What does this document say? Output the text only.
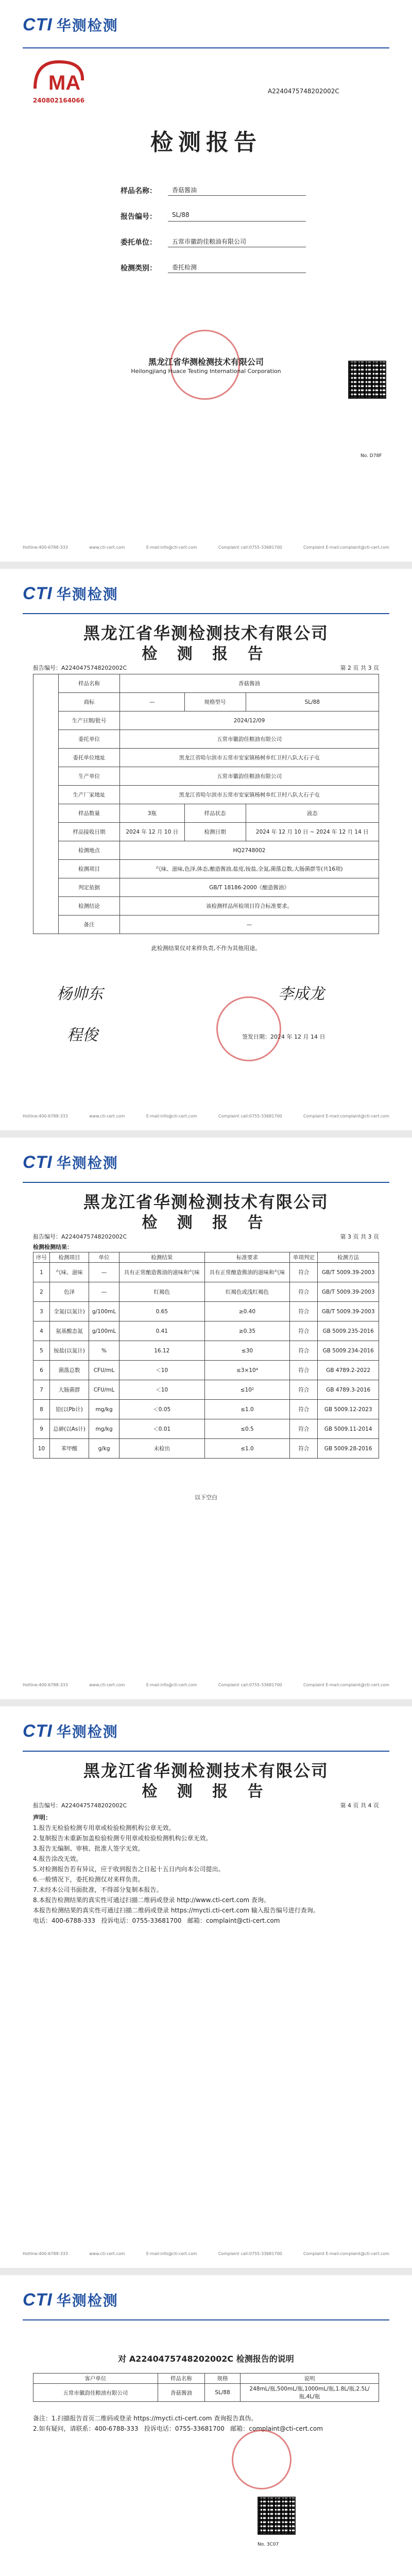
CTI 华测检测
MA
240802164066
A2240475748202002C
检测报告
样品名称：	香菇酱油
报告编号：	SL/88
委托单位：	五常市徽韵佳粮油有限公司
检测类别：	委托检测
黑龙江省华测检测技术有限公司
Heilongjiang Huace Testing International Corporation
No. D78F
Hotline:400-6788-333	www.cti-cert.com	E-mail:info@cti-cert.com	Complaint call:0755-33681700	Complaint E-mail:complaint@cti-cert.com
CTI 华测检测
黑龙江省华测检测技术有限公司
检 测 报 告
报告编号：A2240475748202002C	第 2 页 共 3 页
	样品名称	香菇酱油		
	商标	—	规格型号	SL/88
	生产日期/批号	2024/12/09		
	委托单位	五常市徽韵佳粮油有限公司		
	委托单位地址	黑龙江省哈尔滨市五常市安家镇杨树乡红卫村八队大石子屯		
	生产单位	五常市徽韵佳粮油有限公司		
	生产厂家地址	黑龙江省哈尔滨市五常市安家镇杨树乡红卫村八队大石子屯		
	样品数量	3瓶	样品状态	液态
	样品接收日期	2024 年 12 月 10 日	检测日期	2024 年 12 月 10 日 ~ 2024 年 12 月 14 日
	检测地点	HQ2748002		
	检测项目	气味、滋味,色泽,体态,酿造酱油,盐度,铵盐,全氮,菌落总数,大肠菌群等(共16项)		
	判定依据	GB/T 18186-2000《酿造酱油》		
	检测结论	该检测样品所检项目符合标准要求。		
	备注	—		
此检测结果仅对来样负责,不作为其他用途。
杨帅东	李成龙
程俊	签发日期：2024 年 12 月 14 日
Hotline:400-6788-333	www.cti-cert.com	E-mail:info@cti-cert.com	Complaint call:0755-33681700	Complaint E-mail:complaint@cti-cert.com
CTI 华测检测
黑龙江省华测检测技术有限公司
检 测 报 告
报告编号：A2240475748202002C	第 3 页 共 3 页
检测检测结果：
序号	检测项目	单位	检测结果	标准要求	单项判定	检测方法
1	气味、滋味	—	具有正常酿造酱油的滋味和气味	具有正常酿造酱油的滋味和气味	符合	GB/T 5009.39-2003
2	色泽	—	红褐色	红褐色或浅红褐色	符合	GB/T 5009.39-2003
3	全氮(以氮计)	g/100mL	0.65	≥0.40	符合	GB/T 5009.39-2003
4	氨基酸态氮	g/100mL	0.41	≥0.35	符合	GB 5009.235-2016
5	铵盐(以氮计)	%	16.12	≤30	符合	GB 5009.234-2016
6	菌落总数	CFU/mL	＜10	≤3×10⁴	符合	GB 4789.2-2022
7	大肠菌群	CFU/mL	＜10	≤10²	符合	GB 4789.3-2016
8	铅(以Pb计)	mg/kg	＜0.05	≤1.0	符合	GB 5009.12-2023
9	总砷(以As计)	mg/kg	＜0.01	≤0.5	符合	GB 5009.11-2014
10	苯甲酸	g/kg	未检出	≤1.0	符合	GB 5009.28-2016
以下空白
Hotline:400-6788-333	www.cti-cert.com	E-mail:info@cti-cert.com	Complaint call:0755-33681700	Complaint E-mail:complaint@cti-cert.com
CTI 华测检测
黑龙江省华测检测技术有限公司
检 测 报 告
报告编号：A2240475748202002C	第 4 页 共 4 页
声明：
1.报告无检验检测专用章或检验检测机构公章无效。
2.复制报告未重新加盖检验检测专用章或检验检测机构公章无效。
3.报告无编制、审核、批准人签字无效。
4.报告涂改无效。
5.对检测报告若有异议，应于收到报告之日起十五日内向本公司提出。
6.一般情况下，委托检测仅对来样负责。
7.未经本公司书面批准，不得部分复制本报告。
8.本报告检测结果的真实性可通过扫描二维码或登录 http://www.cti-cert.com 查询。
本报告检测结果的真实性可通过扫描二维码或登录 https://mycti.cti-cert.com 输入报告编号进行查询。
电话：400-6788-333   投诉电话：0755-33681700   邮箱：complaint@cti-cert.com
Hotline:400-6788-333	www.cti-cert.com	E-mail:info@cti-cert.com	Complaint call:0755-33681700	Complaint E-mail:complaint@cti-cert.com
CTI 华测检测
对 A2240475748202002C 检测报告的说明
客户单位	样品名称	规格	说明
五常市徽韵佳粮油有限公司	香菇酱油	SL/88	248mL/瓶,500mL/瓶,1000mL/瓶,1.8L/瓶,2.5L/瓶,4L/瓶
备注：1.扫描报告首页二维码或登录 https://mycti.cti-cert.com 查询报告真伪。
2.如有疑问，请联系：400-6788-333   投诉电话：0755-33681700   邮箱：complaint@cti-cert.com
No. 3C07
